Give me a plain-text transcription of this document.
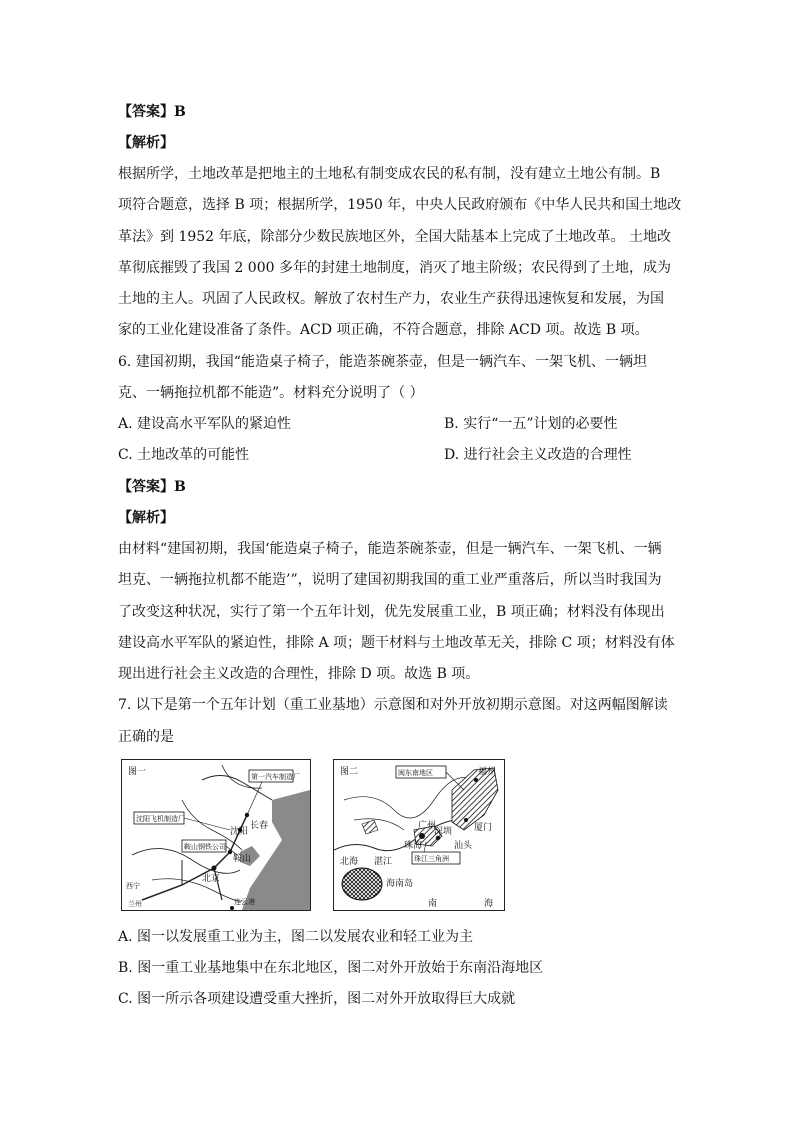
【答案】B
【解析】
根据所学，土地改革是把地主的土地私有制变成农民的私有制，没有建立土地公有制。B
项符合题意，选择 B 项；根据所学，1950 年，中央人民政府颁布《中华人民共和国土地改
革法》到 1952 年底，除部分少数民族地区外，全国大陆基本上完成了土地改革。 土地改
革彻底摧毁了我国 2 000 多年的封建土地制度，消灭了地主阶级；农民得到了土地，成为
土地的主人。巩固了人民政权。解放了农村生产力，农业生产获得迅速恢复和发展，为国
家的工业化建设准备了条件。ACD 项正确，不符合题意，排除 ACD 项。故选 B 项。
6. 建国初期，我国“能造桌子椅子，能造茶碗茶壶，但是一辆汽车、一架飞机、一辆坦
克、一辆拖拉机都不能造”。材料充分说明了（ ）
A. 建设高水平军队的紧迫性	B. 实行“一五”计划的必要性
C. 土地改革的可能性	D. 进行社会主义改造的合理性
【答案】B
【解析】
由材料“建国初期，我国‘能造桌子椅子，能造茶碗茶壶，但是一辆汽车、一架飞机、一辆
坦克、一辆拖拉机都不能造’”，说明了建国初期我国的重工业严重落后，所以当时我国为
了改变这种状况，实行了第一个五年计划，优先发展重工业，B 项正确；材料没有体现出
建设高水平军队的紧迫性，排除 A 项；题干材料与土地改革无关，排除 C 项；材料没有体
现出进行社会主义改造的合理性，排除 D 项。故选 B 项。
7. 以下是第一个五年计划（重工业基地）示意图和对外开放初期示意图。对这两幅图解读
正确的是
图一	第一汽车制造厂
沈阳飞机制造厂
鞍山钢铁公司
沈阳
长春
北京
鞍山
西宁
兰州	连云港
图二	闽东南地区	福州
厦门
汕头
广州
深圳
珠海
北海 湛江	珠江三角洲
海南岛
南	海
A. 图一以发展重工业为主，图二以发展农业和轻工业为主
B. 图一重工业基地集中在东北地区，图二对外开放始于东南沿海地区
C. 图一所示各项建设遭受重大挫折，图二对外开放取得巨大成就
